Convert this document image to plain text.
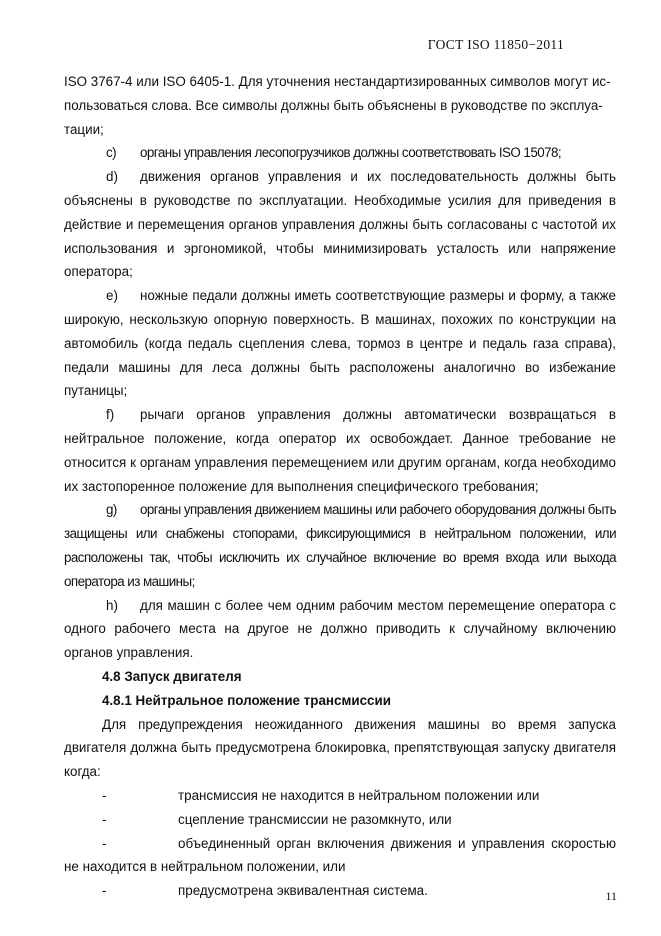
ГОСТ ISO 11850−2011

ISO 3767-4 или ISO 6405-1. Для уточнения нестандартизированных символов могут ис-

пользоваться слова. Все символы должны быть объяснены в руководстве по эксплуа-

тации;

c) органы управления лесопогрузчиков должны соответствовать ISO 15078;

d) движения органов управления и их последовательность должны быть объяснены в руководстве по эксплуатации. Необходимые усилия для приведения в действие и перемещения органов управления должны быть согласованы с частотой их использования и эргономикой, чтобы минимизировать усталость или напряжение оператора;

e) ножные педали должны иметь соответствующие размеры и форму, а также широкую, нескользкую опорную поверхность. В машинах, похожих по конструкции на автомобиль (когда педаль сцепления слева, тормоз в центре и педаль газа справа), педали машины для леса должны быть расположены аналогично во избежание путаницы;

f) рычаги органов управления должны автоматически возвращаться в нейтральное положение, когда оператор их освобождает. Данное требование не относится к органам управления перемещением или другим органам, когда необходимо их застопоренное положение для выполнения специфического требования;

g) органы управления движением машины или рабочего оборудования должны быть защищены или снабжены стопорами, фиксирующимися в нейтральном положении, или расположены так, чтобы исключить их случайное включение во время входа или выхода оператора из машины;

h) для машин с более чем одним рабочим местом перемещение оператора с одного рабочего места на другое не должно приводить к случайному включению органов управления.

4.8 Запуск двигателя

4.8.1 Нейтральное положение трансмиссии

Для предупреждения неожиданного движения машины во время запуска двигателя должна быть предусмотрена блокировка, препятствующая запуску двигателя когда:

-	трансмиссия не находится в нейтральном положении или

-	сцепление трансмиссии не разомкнуто, или

-	объединенный орган включения движения и управления скоростью не находится в нейтральном положении, или

-	предусмотрена эквивалентная система.	11
